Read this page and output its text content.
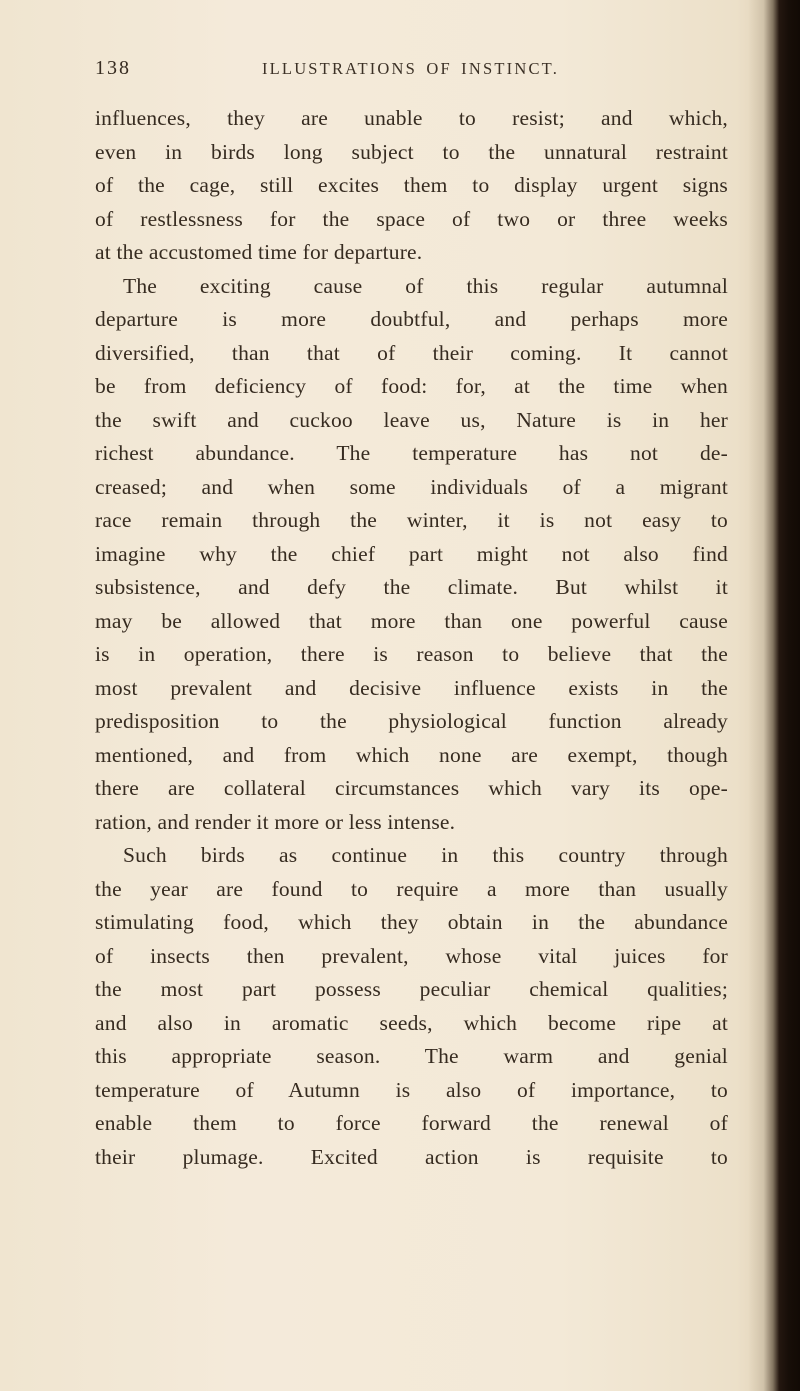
138	ILLUSTRATIONS OF INSTINCT.
influences, they are unable to resist; and which,
even in birds long subject to the unnatural restraint
of the cage, still excites them to display urgent signs
of restlessness for the space of two or three weeks
at the accustomed time for departure.
The exciting cause of this regular autumnal
departure is more doubtful, and perhaps more
diversified, than that of their coming. It cannot
be from deficiency of food: for, at the time when
the swift and cuckoo leave us, Nature is in her
richest abundance. The temperature has not de-
creased; and when some individuals of a migrant
race remain through the winter, it is not easy to
imagine why the chief part might not also find
subsistence, and defy the climate. But whilst it
may be allowed that more than one powerful cause
is in operation, there is reason to believe that the
most prevalent and decisive influence exists in the
predisposition to the physiological function already
mentioned, and from which none are exempt, though
there are collateral circumstances which vary its ope-
ration, and render it more or less intense.
Such birds as continue in this country through
the year are found to require a more than usually
stimulating food, which they obtain in the abundance
of insects then prevalent, whose vital juices for
the most part possess peculiar chemical qualities;
and also in aromatic seeds, which become ripe at
this appropriate season. The warm and genial
temperature of Autumn is also of importance, to
enable them to force forward the renewal of
their plumage. Excited action is requisite to
